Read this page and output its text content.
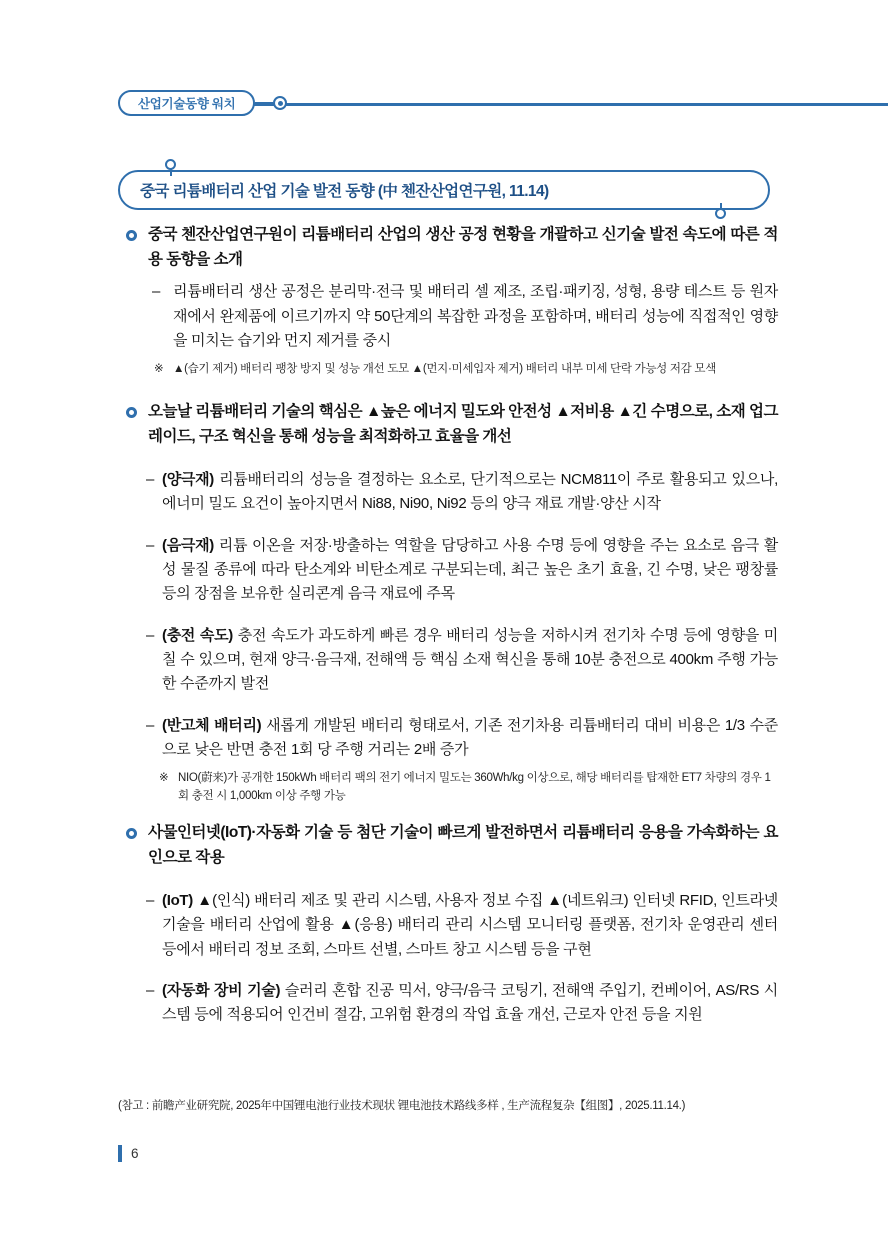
산업기술동향 워치
중국 리튬배터리 산업 기술 발전 동향 (中 첸잔산업연구원, 11.14)
중국 첸잔산업연구원이 리튬배터리 산업의 생산 공정 현황을 개괄하고 신기술 발전 속도에 따른 적용 동향을 소개
– 리튬배터리 생산 공정은 분리막·전극 및 배터리 셀 제조, 조립·패키징, 성형, 용량 테스트 등 원자재에서 완제품에 이르기까지 약 50단계의 복잡한 과정을 포함하며, 배터리 성능에 직접적인 영향을 미치는 습기와 먼지 제거를 중시
※ ▲(습기 제거) 배터리 팽창 방지 및 성능 개선 도모 ▲(먼지·미세입자 제거) 배터리 내부 미세 단락 가능성 저감 모색
오늘날 리튬배터리 기술의 핵심은 ▲높은 에너지 밀도와 안전성 ▲저비용 ▲긴 수명으로, 소재 업그레이드, 구조 혁신을 통해 성능을 최적화하고 효율을 개선
– (양극재) 리튬배터리의 성능을 결정하는 요소로, 단기적으로는 NCM811이 주로 활용되고 있으나, 에너미 밀도 요건이 높아지면서 Ni88, Ni90, Ni92 등의 양극 재료 개발·양산 시작
– (음극재) 리튬 이온을 저장·방출하는 역할을 담당하고 사용 수명 등에 영향을 주는 요소로 음극 활성 물질 종류에 따라 탄소계와 비탄소계로 구분되는데, 최근 높은 초기 효율, 긴 수명, 낮은 팽창률 등의 장점을 보유한 실리콘계 음극 재료에 주목
– (충전 속도) 충전 속도가 과도하게 빠른 경우 배터리 성능을 저하시켜 전기차 수명 등에 영향을 미칠 수 있으며, 현재 양극·음극재, 전해액 등 핵심 소재 혁신을 통해 10분 충전으로 400km 주행 가능한 수준까지 발전
– (반고체 배터리) 새롭게 개발된 배터리 형태로서, 기존 전기차용 리튬배터리 대비 비용은 1/3 수준으로 낮은 반면 충전 1회 당 주행 거리는 2배 증가
※ NIO(蔚来)가 공개한 150kWh 배터리 팩의 전기 에너지 밀도는 360Wh/kg 이상으로, 해당 배터리를 탑재한 ET7 차량의 경우 1회 충전 시 1,000km 이상 주행 가능
사물인터넷(IoT)·자동화 기술 등 첨단 기술이 빠르게 발전하면서 리튬배터리 응용을 가속화하는 요인으로 작용
– (IoT) ▲(인식) 배터리 제조 및 관리 시스템, 사용자 정보 수집 ▲(네트워크) 인터넷 RFID, 인트라넷 기술을 배터리 산업에 활용 ▲(응용) 배터리 관리 시스템 모니터링 플랫폼, 전기차 운영관리 센터 등에서 배터리 정보 조회, 스마트 선별, 스마트 창고 시스템 등을 구현
– (자동화 장비 기술) 슬러리 혼합 진공 믹서, 양극/음극 코팅기, 전해액 주입기, 컨베이어, AS/RS 시스템 등에 적용되어 인건비 절감, 고위험 환경의 작업 효율 개선, 근로자 안전 등을 지원
(참고 : 前瞻产业研究院, 2025年中国锂电池行业技术现状 锂电池技术路线多样 , 生产流程复杂【组图】, 2025.11.14.)
6
